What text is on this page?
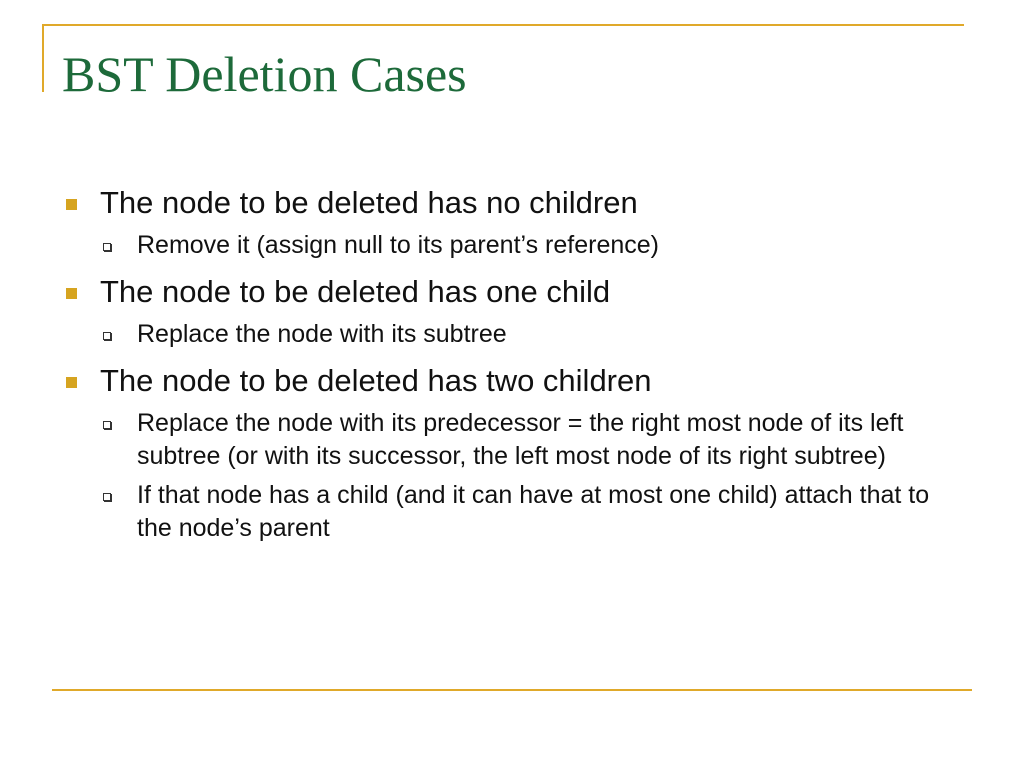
BST Deletion Cases
The node to be deleted has no children
Remove it (assign null to its parent’s reference)
The node to be deleted has one child
Replace the node with its subtree
The node to be deleted has two children
Replace the node with its predecessor = the right most node of its left subtree (or with its successor, the left most node of its right subtree)
If that node has a child (and it can have at most one child) attach that to the node’s parent
